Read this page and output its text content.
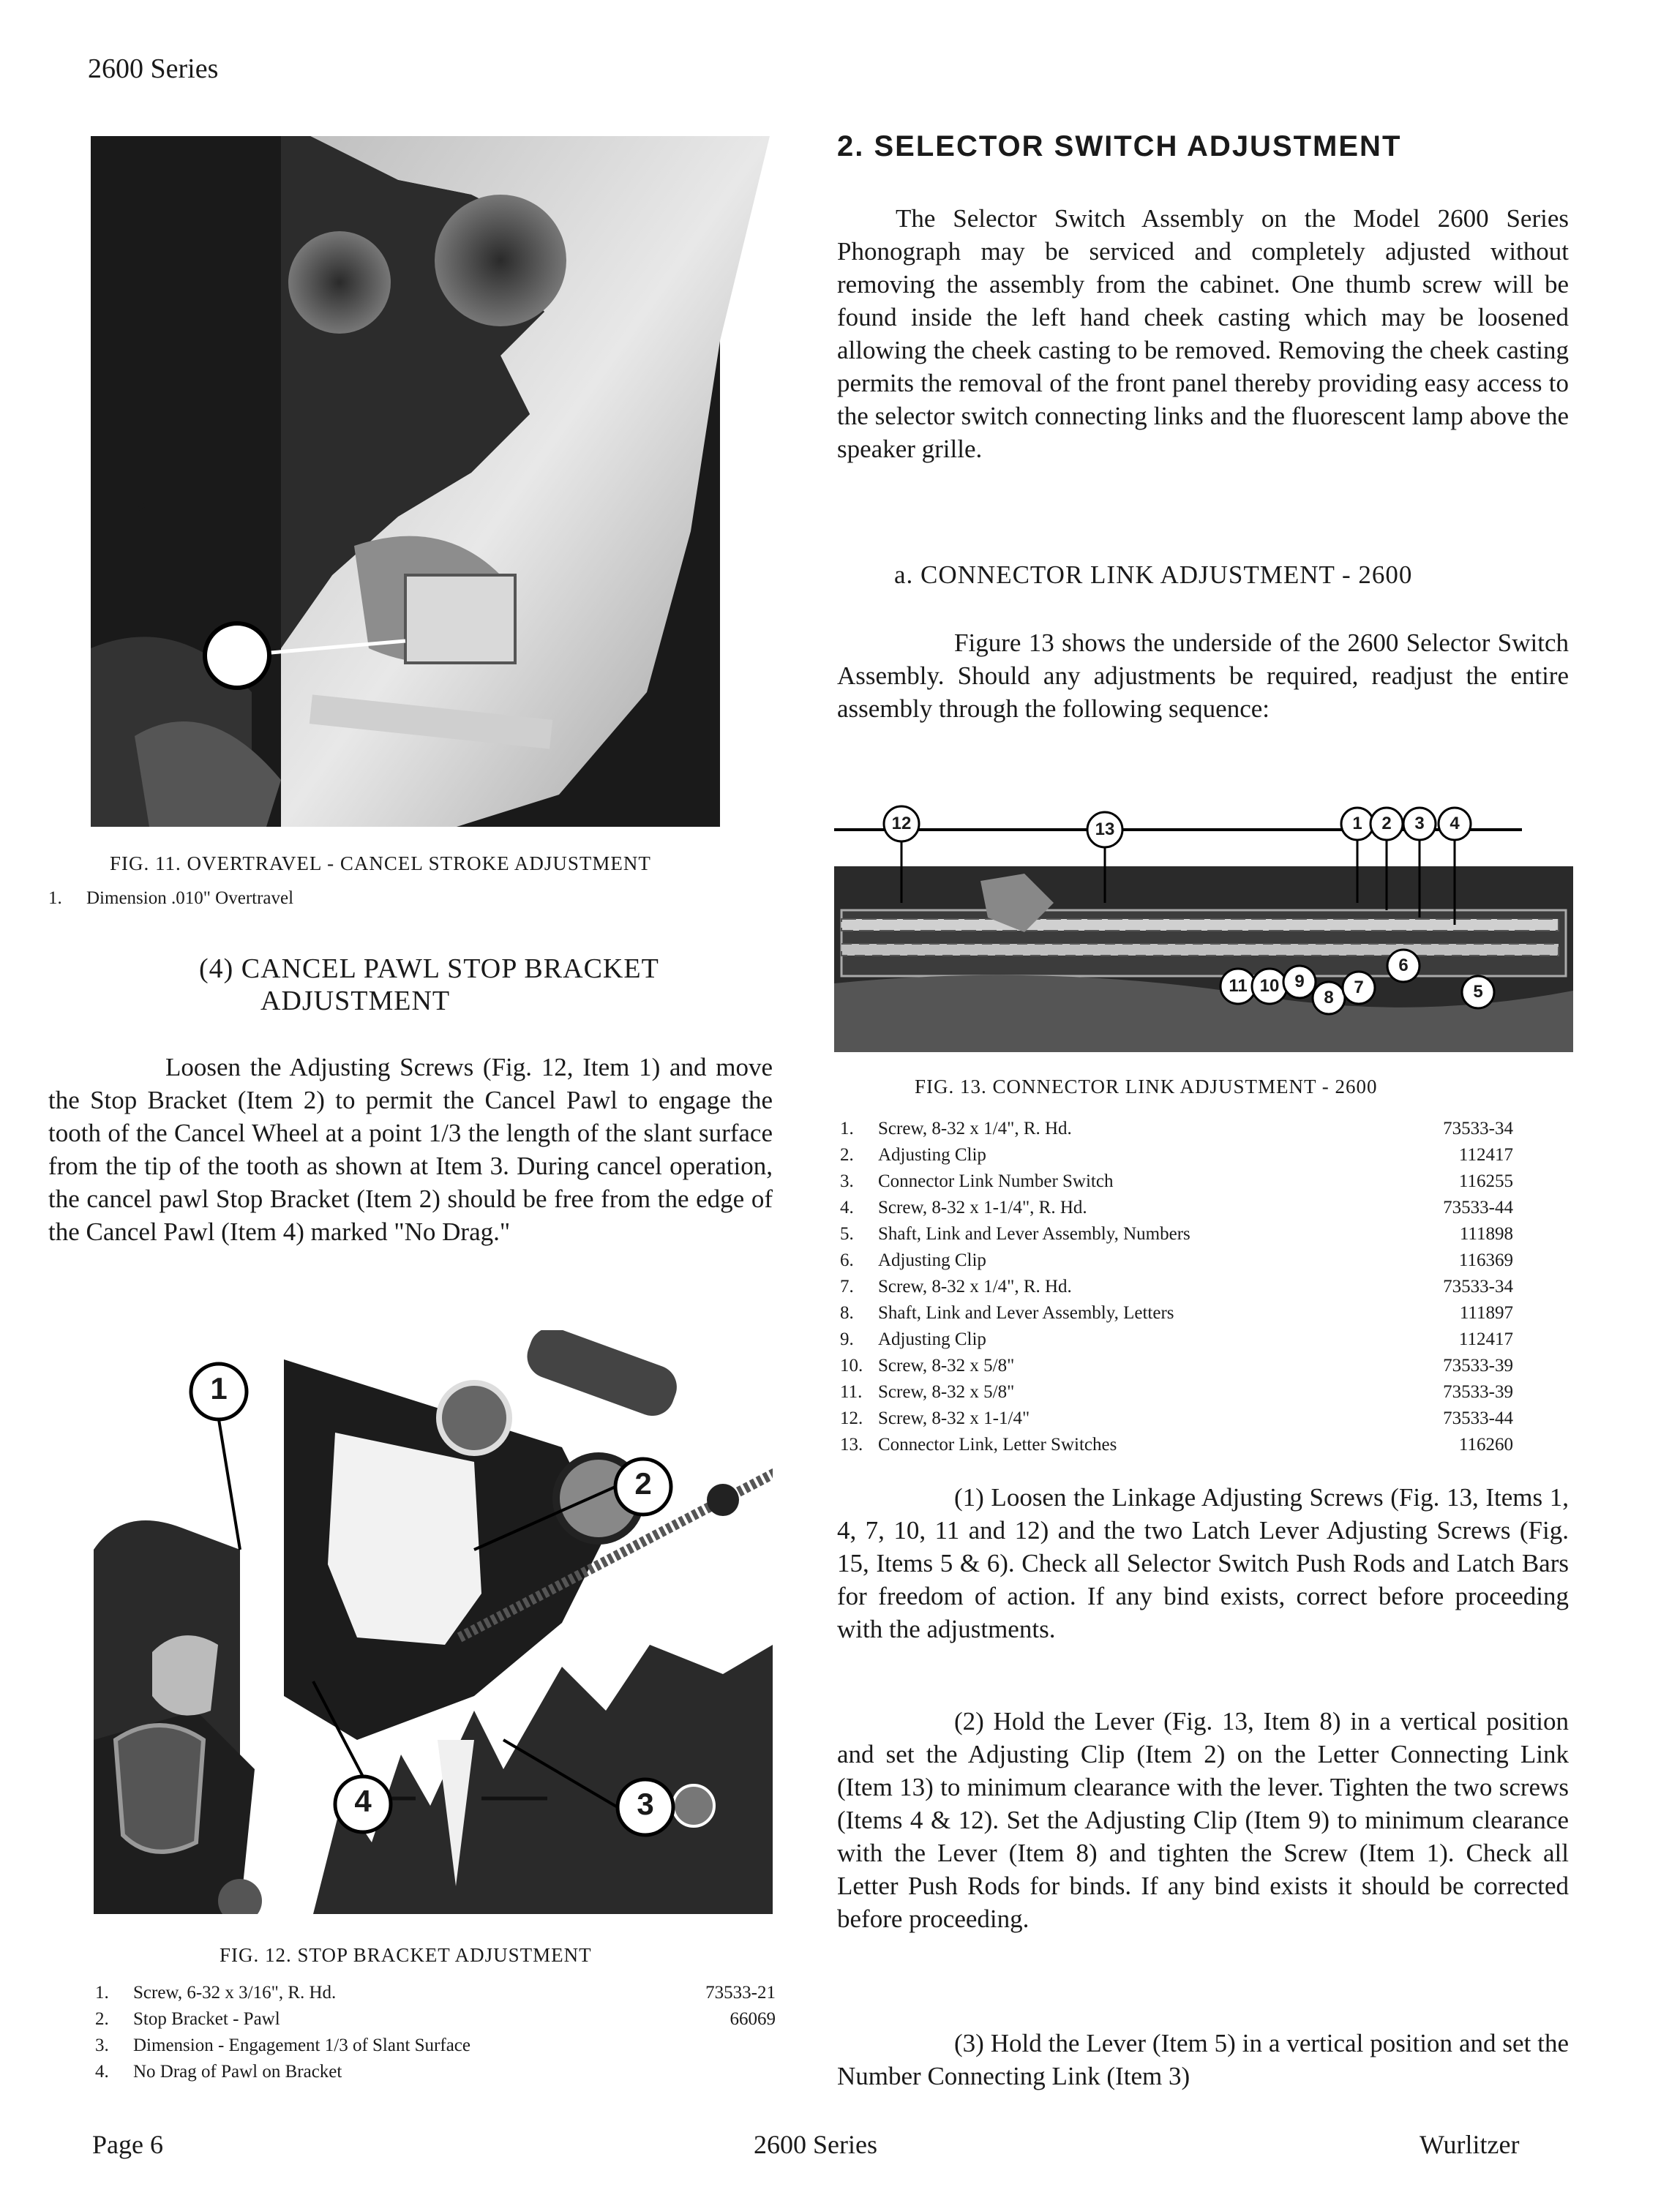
2600 Series
1
FIG. 11. OVERTRAVEL - CANCEL STROKE ADJUSTMENT
1.	Dimension .010" Overtravel
(4) CANCEL PAWL STOP BRACKET
ADJUSTMENT
Loosen the Adjusting Screws (Fig. 12, Item 1) and move the Stop Bracket (Item 2) to permit the Cancel Pawl to engage the tooth of the Cancel Wheel at a point 1/3 the length of the slant surface from the tip of the tooth as shown at Item 3. During cancel operation, the cancel pawl Stop Bracket (Item 2) should be free from the edge of the Cancel Pawl (Item 4) marked "No Drag."
1
2
3
4
FIG. 12. STOP BRACKET ADJUSTMENT
1.	Screw, 6-32 x 3/16", R. Hd.	73533-21
2.	Stop Bracket - Pawl	66069
3.	Dimension - Engagement 1/3 of Slant Surface
4.	No Drag of Pawl on Bracket
2. SELECTOR SWITCH ADJUSTMENT
The Selector Switch Assembly on the Model 2600 Series Phonograph may be serviced and completely adjusted without removing the assembly from the cabinet. One thumb screw will be found inside the left hand cheek casting which may be loosened allowing the cheek casting to be removed. Removing the cheek casting permits the removal of the front panel thereby providing easy access to the selector switch connecting links and the fluorescent lamp above the speaker grille.
a. CONNECTOR LINK ADJUSTMENT - 2600
Figure 13 shows the underside of the 2600 Selector Switch Assembly. Should any adjustments be required, readjust the entire assembly through the following sequence:
12	13	1	2	3	4
11 10 9
8
7
6
5
FIG. 13. CONNECTOR LINK ADJUSTMENT - 2600
1.	Screw, 8-32 x 1/4", R. Hd.	73533-34
2.	Adjusting Clip	112417
3.	Connector Link Number Switch	116255
4.	Screw, 8-32 x 1-1/4", R. Hd.	73533-44
5.	Shaft, Link and Lever Assembly, Numbers	111898
6.	Adjusting Clip	116369
7.	Screw, 8-32 x 1/4", R. Hd.	73533-34
8.	Shaft, Link and Lever Assembly, Letters	111897
9.	Adjusting Clip	112417
10. Screw, 8-32 x 5/8"	73533-39
11. Screw, 8-32 x 5/8"	73533-39
12. Screw, 8-32 x 1-1/4"	73533-44
13. Connector Link, Letter Switches	116260
(1) Loosen the Linkage Adjusting Screws (Fig. 13, Items 1, 4, 7, 10, 11 and 12) and the two Latch Lever Adjusting Screws (Fig. 15, Items 5 & 6). Check all Selector Switch Push Rods and Latch Bars for freedom of action. If any bind exists, correct before proceeding with the adjustments.
(2) Hold the Lever (Fig. 13, Item 8) in a vertical position and set the Adjusting Clip (Item 2) on the Letter Connecting Link (Item 13) to minimum clearance with the lever. Tighten the two screws (Items 4 & 12). Set the Adjusting Clip (Item 9) to minimum clearance with the Lever (Item 8) and tighten the Screw (Item 1). Check all Letter Push Rods for binds. If any bind exists it should be corrected before proceeding.
(3) Hold the Lever (Item 5) in a vertical position and set the Number Connecting Link (Item 3)
Page 6	2600 Series	Wurlitzer
